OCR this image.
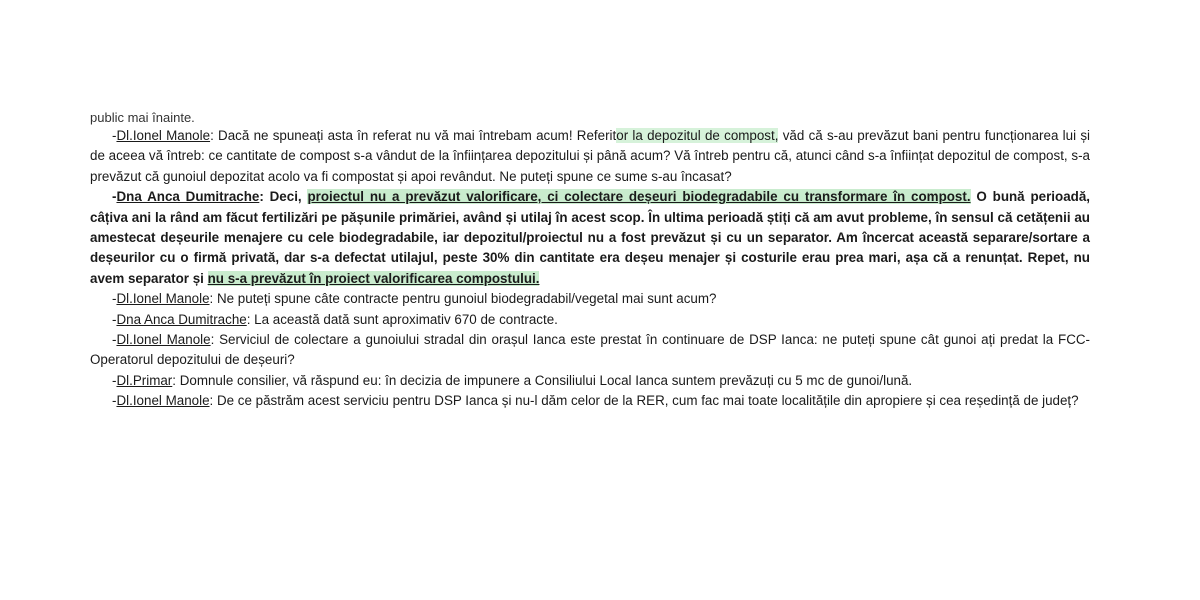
public mai înainte.

-Dl.Ionel Manole: Dacă ne spuneați asta în referat nu vă mai întrebam acum! Referitor la depozitul de compost, văd că s-au prevăzut bani pentru funcționarea lui și de aceea vă întreb: ce cantitate de compost s-a vândut de la înființarea depozitului și până acum? Vă întreb pentru că, atunci când s-a înființat depozitul de compost, s-a prevăzut că gunoiul depozitat acolo va fi compostat și apoi revândut. Ne puteți spune ce sume s-au încasat?

-Dna Anca Dumitrache: Deci, proiectul nu a prevăzut valorificare, ci colectare deșeuri biodegradabile cu transformare în compost. O bună perioadă, câțiva ani la rând am făcut fertilizări pe pășunile primăriei, având și utilaj în acest scop. În ultima perioadă știți că am avut probleme, în sensul că cetățenii au amestecat deșeurile menajere cu cele biodegradabile, iar depozitul/proiectul nu a fost prevăzut și cu un separator. Am încercat această separare/sortare a deșeurilor cu o firmă privată, dar s-a defectat utilajul, peste 30% din cantitate era deșeu menajer și costurile erau prea mari, așa că a renunțat. Repet, nu avem separator și nu s-a prevăzut în proiect valorificarea compostului.

-Dl.Ionel Manole: Ne puteți spune câte contracte pentru gunoiul biodegradabil/vegetal mai sunt acum?

-Dna Anca Dumitrache: La această dată sunt aproximativ 670 de contracte.

-Dl.Ionel Manole: Serviciul de colectare a gunoiului stradal din orașul Ianca este prestat în continuare de DSP Ianca: ne puteți spune cât gunoi ați predat la FCC-Operatorul depozitului de deșeuri?

-Dl.Primar: Domnule consilier, vă răspund eu: în decizia de impunere a Consiliului Local Ianca suntem prevăzuți cu 5 mc de gunoi/lună.

-Dl.Ionel Manole: De ce păstrăm acest serviciu pentru DSP Ianca și nu-l dăm celor de la RER, cum fac mai toate localitățile din apropiere și cea reședință de județ?
